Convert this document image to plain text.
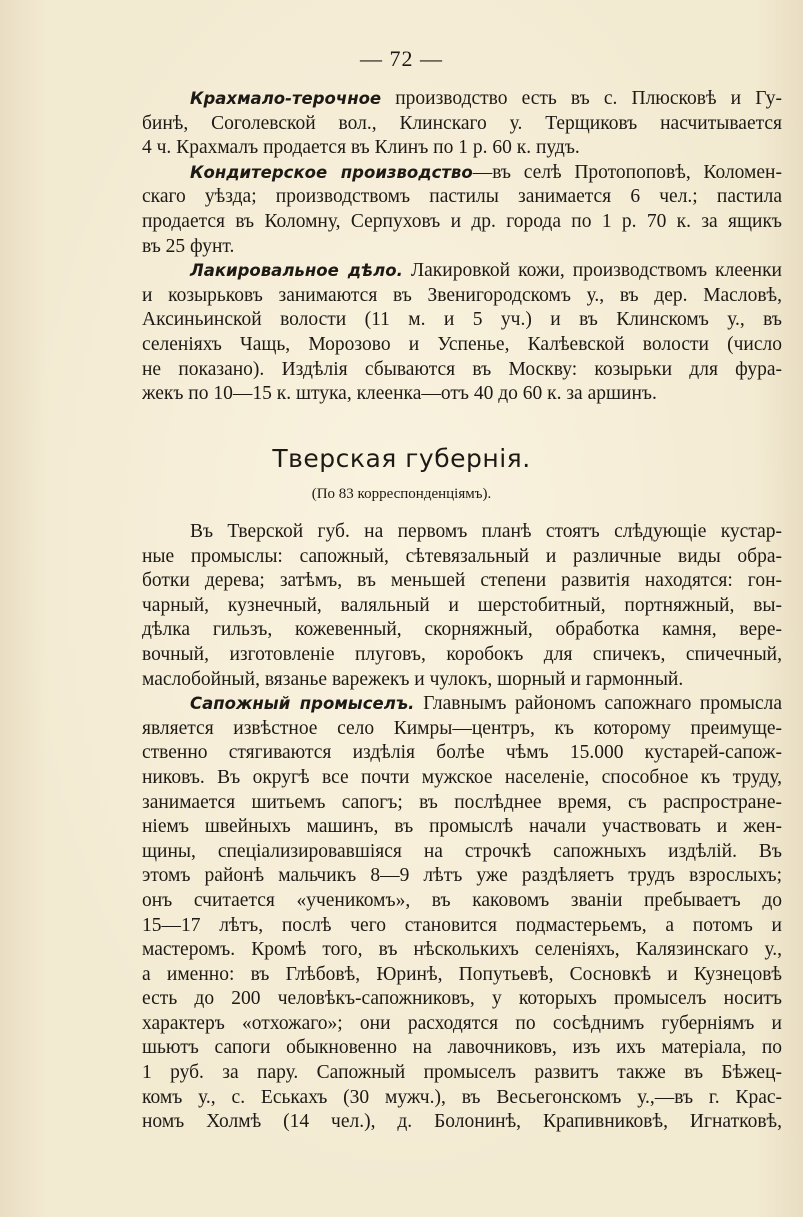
— 72 —
Крахмало-терочное производство есть въ с. Плюсковѣ и Гу-
бинѣ, Соголевской вол., Клинскаго у. Терщиковъ насчитывается
4 ч. Крахмалъ продается въ Клинъ по 1 р. 60 к. пудъ.
Кондитерское производство—въ селѣ Протопоповѣ, Коломен-
скаго уѣзда; производствомъ пастилы занимается 6 чел.; пастила
продается въ Коломну, Серпуховъ и др. города по 1 р. 70 к. за ящикъ
въ 25 фунт.
Лакировальное дѣло. Лакировкой кожи, производствомъ клеенки
и козырьковъ занимаются въ Звенигородскомъ у., въ дер. Масловѣ,
Аксиньинской волости (11 м. и 5 уч.) и въ Клинскомъ у., въ
селеніяхъ Чащь, Морозово и Успенье, Калѣевской волости (число
не показано). Издѣлія сбываются въ Москву: козырьки для фура-
жекъ по 10—15 к. штука, клеенка—отъ 40 до 60 к. за аршинъ.
Тверская губернія.
(По 83 корреспонденціямъ).
Въ Тверской губ. на первомъ планѣ стоятъ слѣдующіе кустар-
ные промыслы: сапожный, сѣтевязальный и различные виды обра-
ботки дерева; затѣмъ, въ меньшей степени развитія находятся: гон-
чарный, кузнечный, валяльный и шерстобитный, портняжный, вы-
дѣлка гильзъ, кожевенный, скорняжный, обработка камня, вере-
вочный, изготовленіе плуговъ, коробокъ для спичекъ, спичечный,
маслобойный, вязанье варежекъ и чулокъ, шорный и гармонный.
Сапожный промыселъ. Главнымъ райономъ сапожнаго промысла
является извѣстное село Кимры—центръ, къ которому преимуще-
ственно стягиваются издѣлія болѣе чѣмъ 15.000 кустарей-сапож-
никовъ. Въ округѣ все почти мужское населеніе, способное къ труду,
занимается шитьемъ сапогъ; въ послѣднее время, съ распростране-
ніемъ швейныхъ машинъ, въ промыслѣ начали участвовать и жен-
щины, спеціализировавшіяся на строчкѣ сапожныхъ издѣлій. Въ
этомъ районѣ мальчикъ 8—9 лѣтъ уже раздѣляетъ трудъ взрослыхъ;
онъ считается «ученикомъ», въ каковомъ званіи пребываетъ до
15—17 лѣтъ, послѣ чего становится подмастерьемъ, а потомъ и
мастеромъ. Кромѣ того, въ нѣсколькихъ селеніяхъ, Калязинскаго у.,
а именно: въ Глѣбовѣ, Юринѣ, Попутьевѣ, Сосновкѣ и Кузнецовѣ
есть до 200 человѣкъ-сапожниковъ, у которыхъ промыселъ носитъ
характеръ «отхожаго»; они расходятся по сосѣднимъ губерніямъ и
шьютъ сапоги обыкновенно на лавочниковъ, изъ ихъ матеріала, по
1 руб. за пару. Сапожный промыселъ развитъ также въ Бѣжец-
комъ у., с. Еськахъ (30 мужч.), въ Весьегонскомъ у.,—въ г. Крас-
номъ Холмѣ (14 чел.), д. Болонинѣ, Крапивниковѣ, Игнатковѣ,
